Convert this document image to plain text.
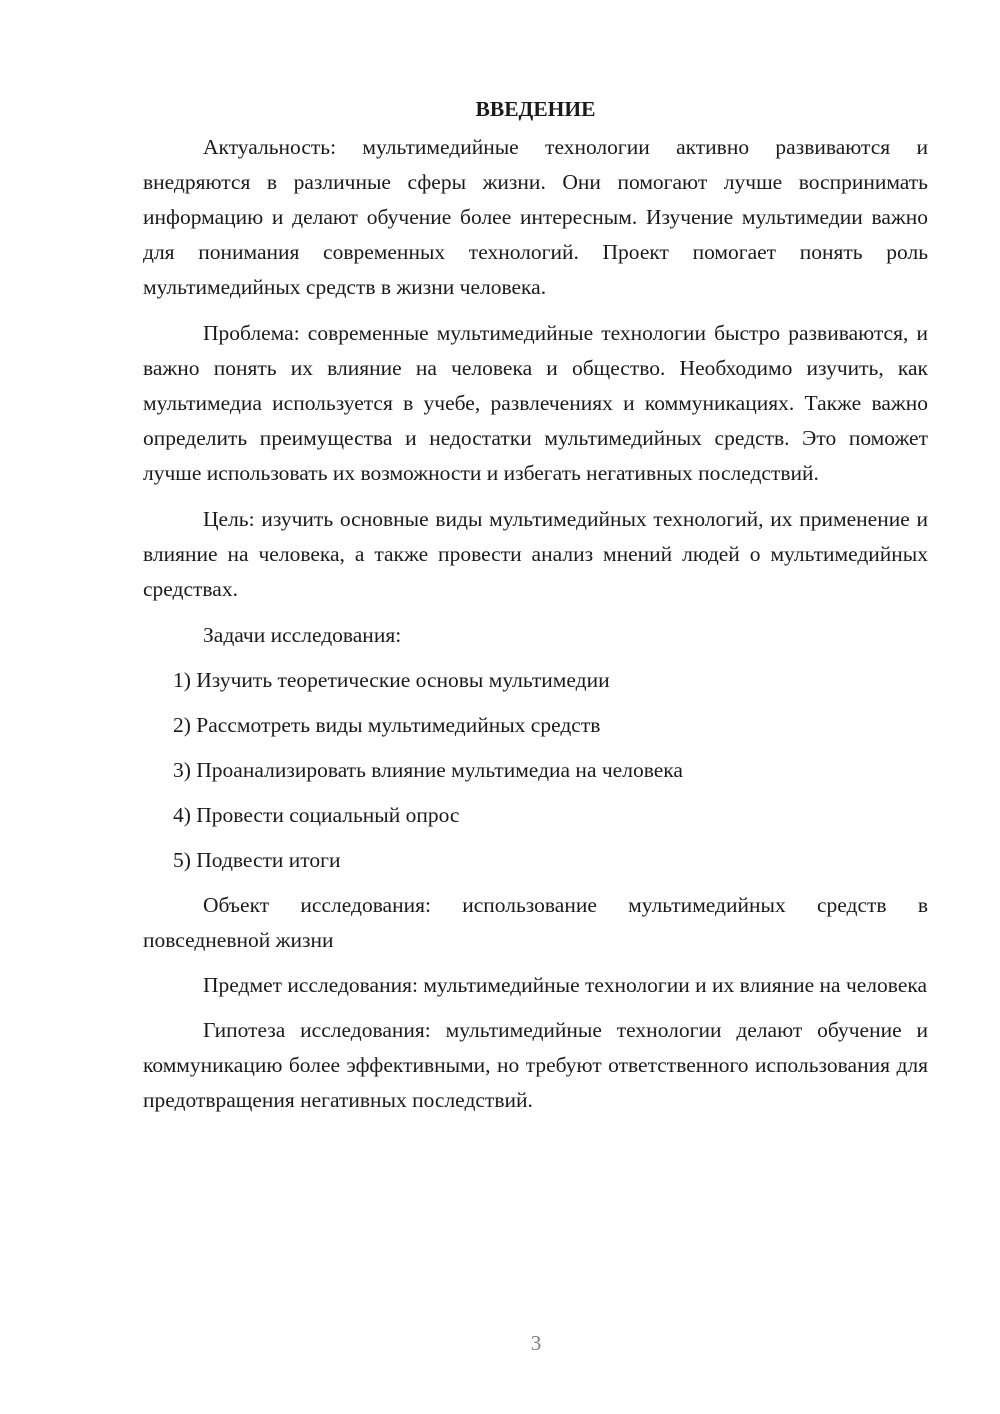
ВВЕДЕНИЕ

Актуальность: мультимедийные технологии активно развиваются и внедряются в различные сферы жизни. Они помогают лучше воспринимать информацию и делают обучение более интересным. Изучение мультимедии важно для понимания современных технологий. Проект помогает понять роль мультимедийных средств в жизни человека.

Проблема: современные мультимедийные технологии быстро развиваются, и важно понять их влияние на человека и общество. Необходимо изучить, как мультимедиа используется в учебе, развлечениях и коммуникациях. Также важно определить преимущества и недостатки мультимедийных средств. Это поможет лучше использовать их возможности и избегать негативных последствий.

Цель: изучить основные виды мультимедийных технологий, их применение и влияние на человека, а также провести анализ мнений людей о мультимедийных средствах.

Задачи исследования:
1) Изучить теоретические основы мультимедии
2) Рассмотреть виды мультимедийных средств
3) Проанализировать влияние мультимедиа на человека
4) Провести социальный опрос
5) Подвести итоги

Объект исследования: использование мультимедийных средств в повседневной жизни

Предмет исследования: мультимедийные технологии и их влияние на человека

Гипотеза исследования: мультимедийные технологии делают обучение и коммуникацию более эффективными, но требуют ответственного использования для предотвращения негативных последствий.

3
